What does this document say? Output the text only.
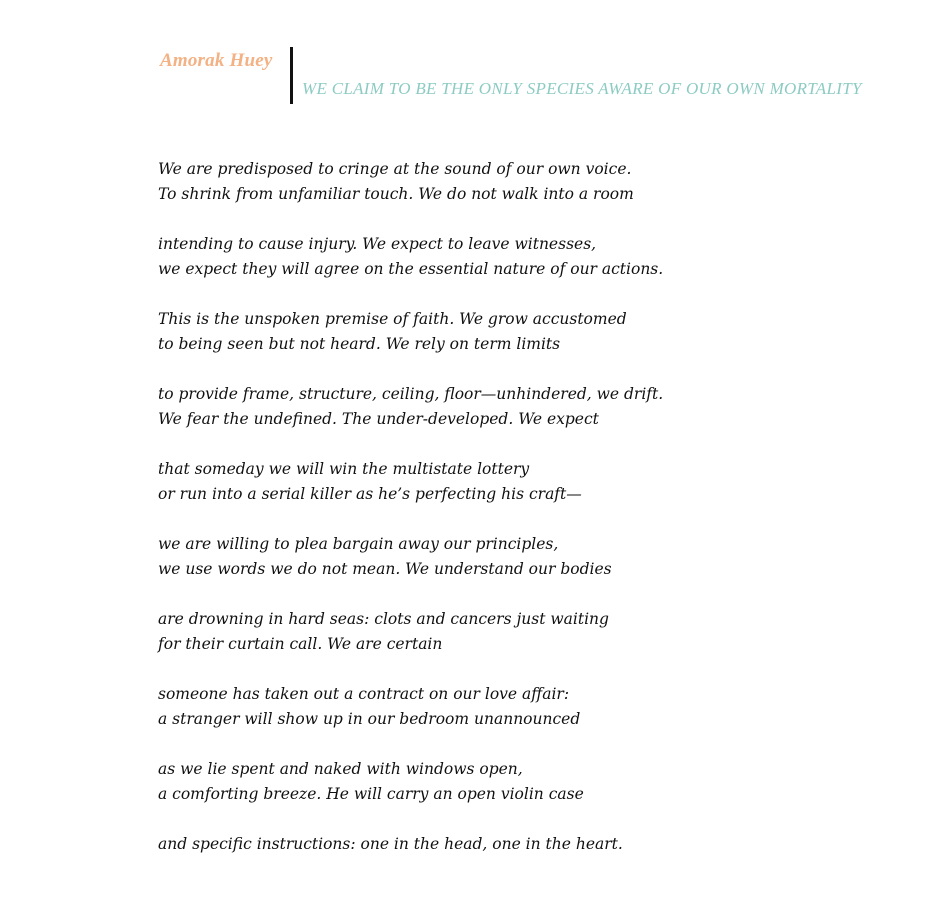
Amorak Huey
WE CLAIM TO BE THE ONLY SPECIES AWARE OF OUR OWN MORTALITY
We are predisposed to cringe at the sound of our own voice.
To shrink from unfamiliar touch. We do not walk into a room
intending to cause injury. We expect to leave witnesses,
we expect they will agree on the essential nature of our actions.
This is the unspoken premise of faith. We grow accustomed
to being seen but not heard. We rely on term limits
to provide frame, structure, ceiling, floor—unhindered, we drift.
We fear the undefined. The under-developed. We expect
that someday we will win the multistate lottery
or run into a serial killer as he’s perfecting his craft—
we are willing to plea bargain away our principles,
we use words we do not mean. We understand our bodies
are drowning in hard seas: clots and cancers just waiting
for their curtain call. We are certain
someone has taken out a contract on our love affair:
a stranger will show up in our bedroom unannounced
as we lie spent and naked with windows open,
a comforting breeze. He will carry an open violin case
and specific instructions: one in the head, one in the heart.
